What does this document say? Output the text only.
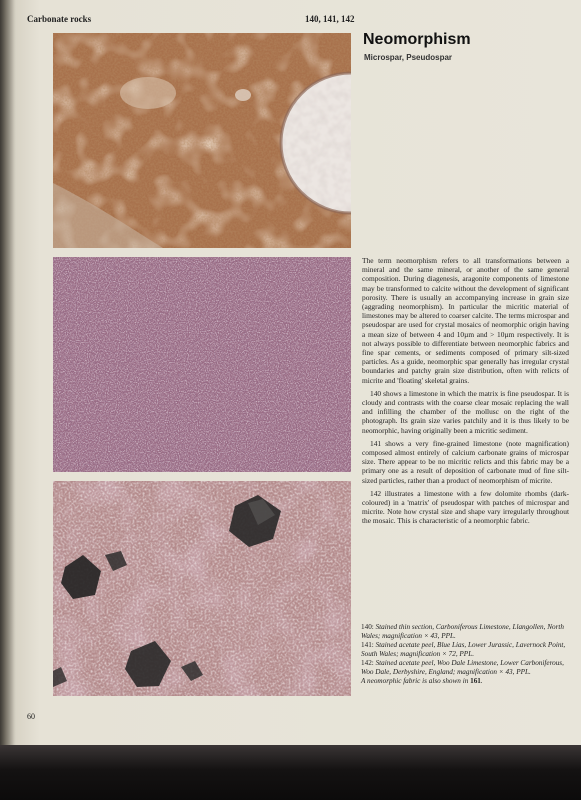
Carbonate rocks	140, 141, 142
Neomorphism
Microspar, Pseudospar

The term neomorphism refers to all transformations between a mineral and the same mineral, or another of the same general composition. During diagenesis, aragonite components of limestone may be transformed to calcite without the development of significant porosity. There is usually an accompanying increase in grain size (aggrading neomorphism). In particular the micritic material of limestones may be altered to coarser calcite. The terms microspar and pseudospar are used for crystal mosaics of neomorphic origin having a mean size of between 4 and 10µm and > 10µm respectively. It is not always possible to differentiate between neomorphic fabrics and fine spar cements, or sediments composed of primary silt-sized particles. As a guide, neomorphic spar generally has irregular crystal boundaries and patchy grain size distribution, often with relicts of micrite and 'floating' skeletal grains.

140 shows a limestone in which the matrix is fine pseudospar. It is cloudy and contrasts with the coarse clear mosaic replacing the wall and infilling the chamber of the mollusc on the right of the photograph. Its grain size varies patchily and it is thus likely to be neomorphic, having originally been a micritic sediment.

141 shows a very fine-grained limestone (note magnification) composed almost entirely of calcium carbonate grains of microspar size. There appear to be no micritic relicts and this fabric may be a primary one as a result of deposition of carbonate mud of fine silt-sized particles, rather than a product of neomorphism of micrite.

142 illustrates a limestone with a few dolomite rhombs (dark-coloured) in a 'matrix' of pseudospar with patches of microspar and micrite. Note how crystal size and shape vary irregularly throughout the mosaic. This is characteristic of a neomorphic fabric.

140: Stained thin section, Carboniferous Limestone, Llangollen, North Wales; magnification × 43, PPL.

141: Stained acetate peel, Blue Lias, Lower Jurassic, Lavernock Point, South Wales; magnification × 72, PPL.

142: Stained acetate peel, Woo Dale Limestone, Lower Carboniferous, Woo Dale, Derbyshire, England; magnification × 43, PPL.

A neomorphic fabric is also shown in 161.

60
